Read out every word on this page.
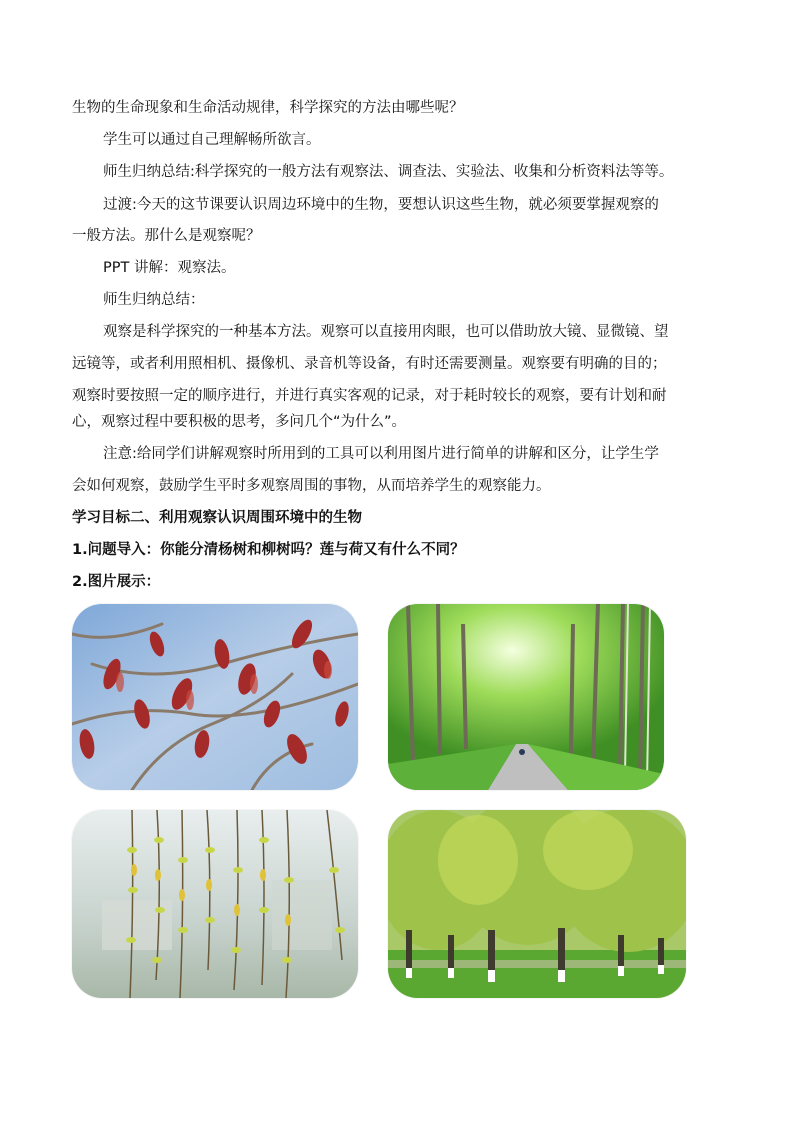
生物的生命现象和生命活动规律，科学探究的方法由哪些呢？
学生可以通过自己理解畅所欲言。
师生归纳总结:科学探究的一般方法有观察法、调查法、实验法、收集和分析资料法等等。
过渡:今天的这节课要认识周边环境中的生物，要想认识这些生物，就必须要掌握观察的
一般方法。那什么是观察呢？
PPT 讲解：观察法。
师生归纳总结：
观察是科学探究的一种基本方法。观察可以直接用肉眼，也可以借助放大镜、显微镜、望
远镜等，或者利用照相机、摄像机、录音机等设备，有时还需要测量。观察要有明确的目的；
观察时要按照一定的顺序进行，并进行真实客观的记录，对于耗时较长的观察，要有计划和耐
心，观察过程中要积极的思考，多问几个“为什么”。
注意:给同学们讲解观察时所用到的工具可以利用图片进行简单的讲解和区分，让学生学
会如何观察，鼓励学生平时多观察周围的事物，从而培养学生的观察能力。
学习目标二、利用观察认识周围环境中的生物
1.问题导入：你能分清杨树和柳树吗？莲与荷又有什么不同？
2.图片展示：
